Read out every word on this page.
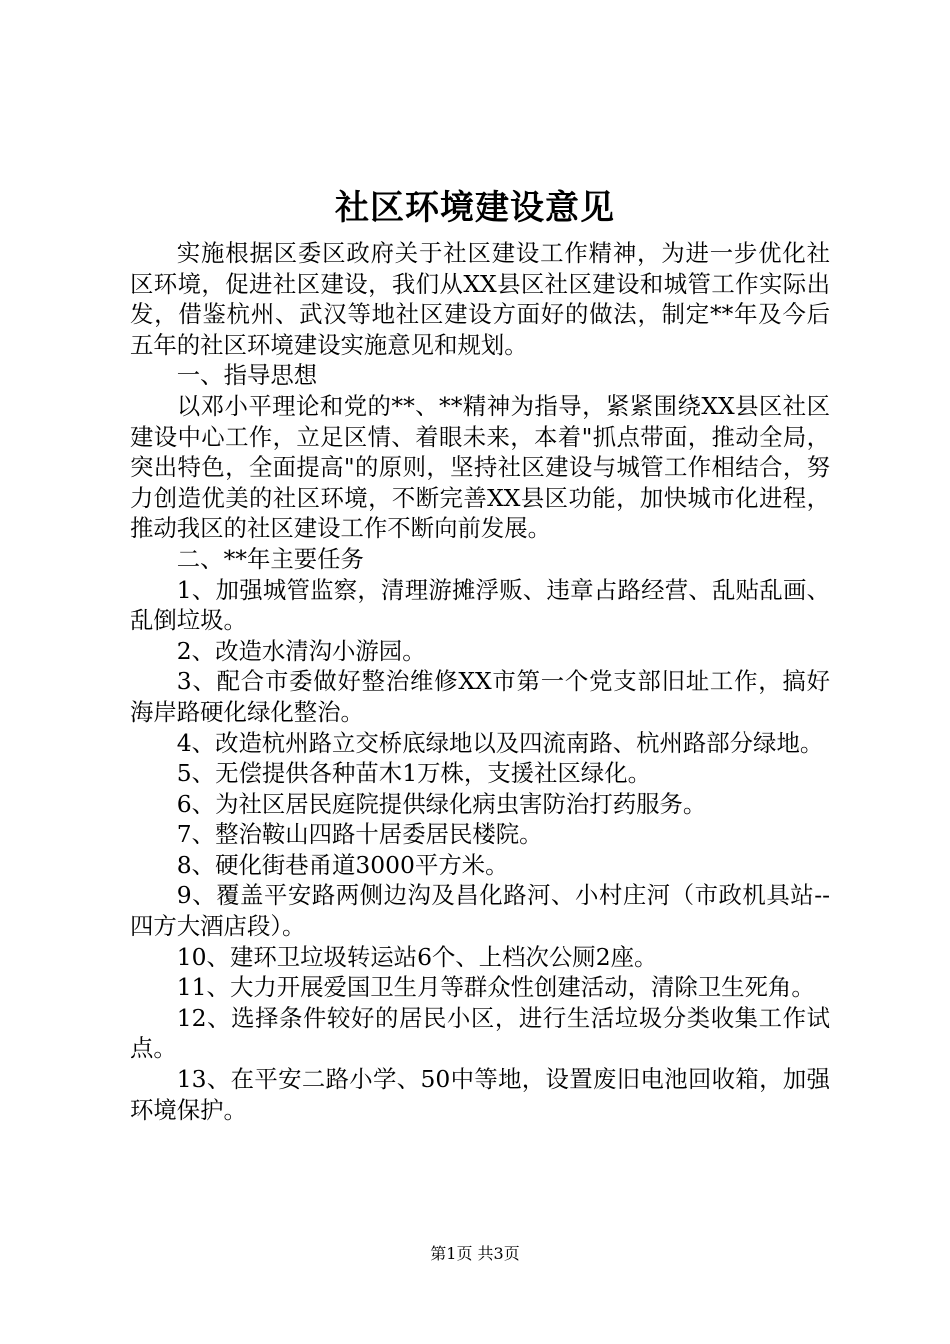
社区环境建设意见

实施根据区委区政府关于社区建设工作精神，为进一步优化社区环境，促进社区建设，我们从XX县区社区建设和城管工作实际出发，借鉴杭州、武汉等地社区建设方面好的做法，制定**年及今后五年的社区环境建设实施意见和规划。

一、指导思想

以邓小平理论和党的**、**精神为指导，紧紧围绕XX县区社区建设中心工作，立足区情、着眼未来，本着"抓点带面，推动全局，突出特色，全面提高"的原则，坚持社区建设与城管工作相结合，努力创造优美的社区环境，不断完善XX县区功能，加快城市化进程，推动我区的社区建设工作不断向前发展。

二、**年主要任务

1、加强城管监察，清理游摊浮贩、违章占路经营、乱贴乱画、乱倒垃圾。

2、改造水清沟小游园。

3、配合市委做好整治维修XX市第一个党支部旧址工作，搞好海岸路硬化绿化整治。

4、改造杭州路立交桥底绿地以及四流南路、杭州路部分绿地。

5、无偿提供各种苗木1万株，支援社区绿化。

6、为社区居民庭院提供绿化病虫害防治打药服务。

7、整治鞍山四路十居委居民楼院。

8、硬化街巷甬道3000平方米。

9、覆盖平安路两侧边沟及昌化路河、小村庄河（市政机具站--四方大酒店段）。

10、建环卫垃圾转运站6个、上档次公厕2座。

11、大力开展爱国卫生月等群众性创建活动，清除卫生死角。

12、选择条件较好的居民小区，进行生活垃圾分类收集工作试点。

13、在平安二路小学、50中等地，设置废旧电池回收箱，加强环境保护。

第1页 共3页
